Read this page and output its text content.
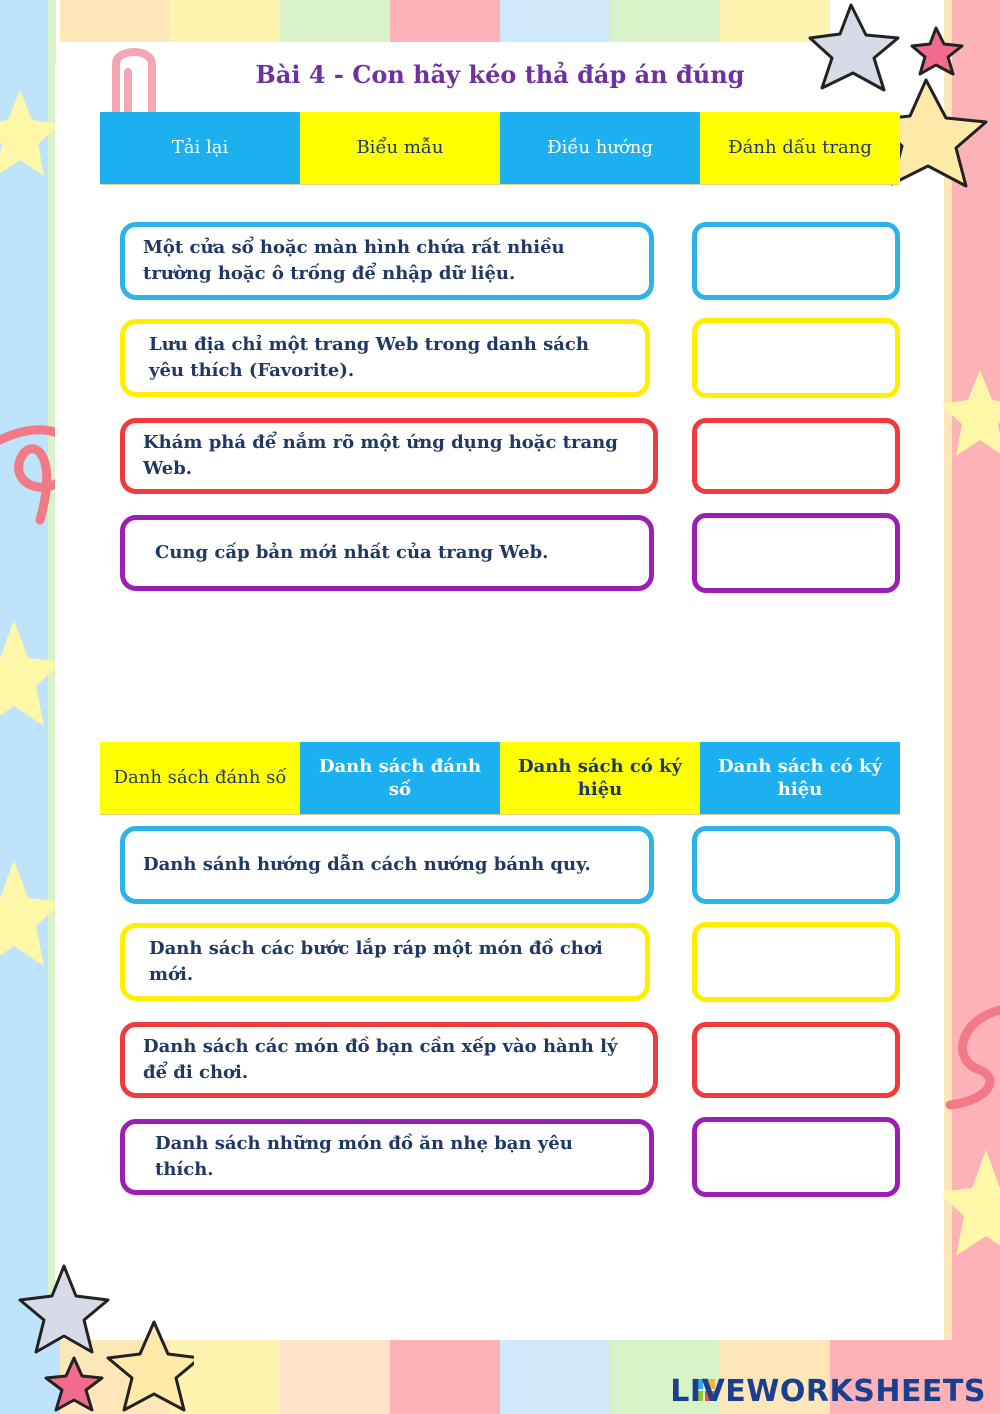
Bài 4 - Con hãy kéo thả đáp án đúng
Tải lại	Biểu mẫu	Điều hướng	Đánh dấu trang
Một cửa sổ hoặc màn hình chứa rất nhiều trường hoặc ô trống để nhập dữ liệu.
Lưu địa chỉ một trang Web trong danh sách yêu thích (Favorite).
Khám phá để nắm rõ một ứng dụng hoặc trang Web.
Cung cấp bản mới nhất của trang Web.
Danh sách đánh số
Danh sách đánh số
Danh sách có ký hiệu
Danh sách có ký hiệu
Danh sánh hướng dẫn cách nướng bánh quy.
Danh sách các bước lắp ráp một món đồ chơi mới.
Danh sách các món đồ bạn cần xếp vào hành lý để đi chơi.
Danh sách những món đồ ăn nhẹ bạn yêu thích.
LIVEWORKSHEETS
